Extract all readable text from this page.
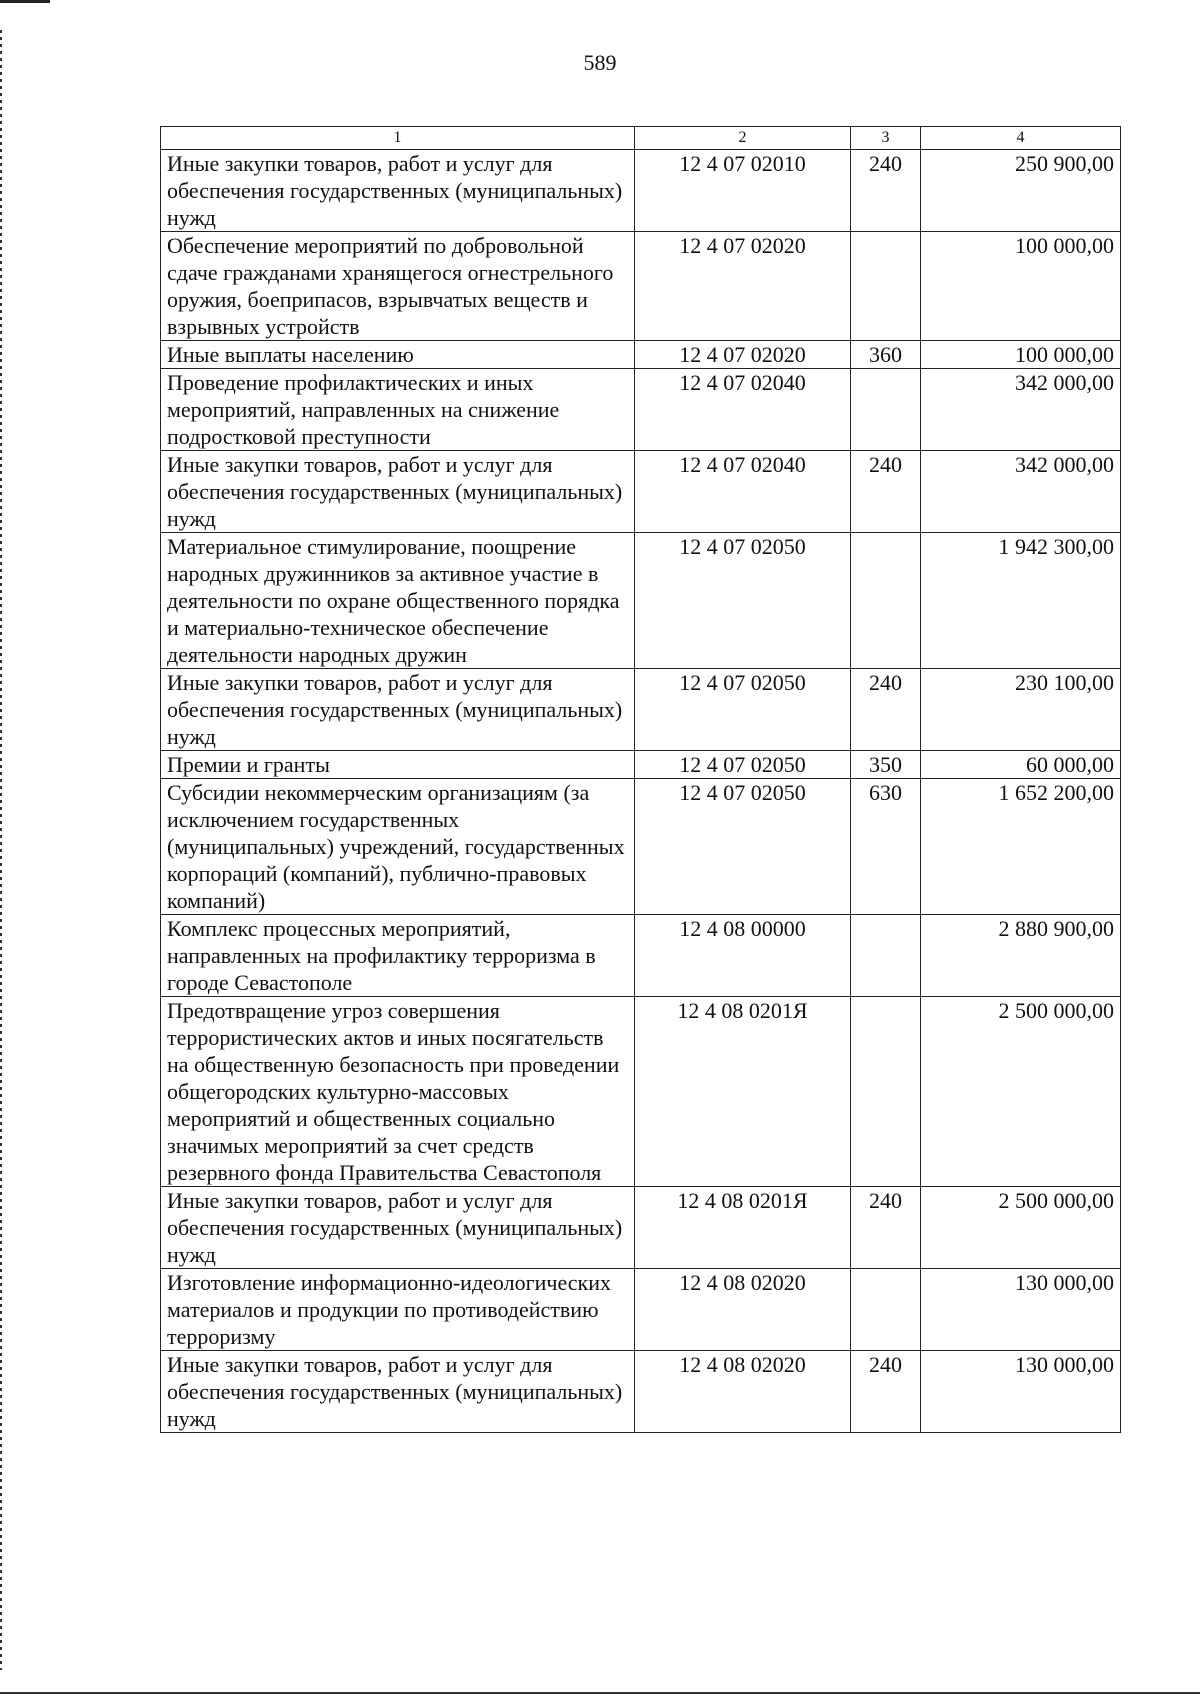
589
1	2	3	4
Иные закупки товаров, работ и услуг для обеспечения государственных (муниципальных) нужд	12 4 07 02010	240	250 900,00
Обеспечение мероприятий по добровольной сдаче гражданами хранящегося огнестрельного оружия, боеприпасов, взрывчатых веществ и взрывных устройств	12 4 07 02020		100 000,00
Иные выплаты населению	12 4 07 02020	360	100 000,00
Проведение профилактических и иных мероприятий, направленных на снижение подростковой преступности	12 4 07 02040		342 000,00
Иные закупки товаров, работ и услуг для обеспечения государственных (муниципальных) нужд	12 4 07 02040	240	342 000,00
Материальное стимулирование, поощрение народных дружинников за активное участие в деятельности по охране общественного порядка и материально-техническое обеспечение деятельности народных дружин	12 4 07 02050		1 942 300,00
Иные закупки товаров, работ и услуг для обеспечения государственных (муниципальных) нужд	12 4 07 02050	240	230 100,00
Премии и гранты	12 4 07 02050	350	60 000,00
Субсидии некоммерческим организациям (за исключением государственных (муниципальных) учреждений, государственных корпораций (компаний), публично-правовых компаний)	12 4 07 02050	630	1 652 200,00
Комплекс процессных мероприятий, направленных на профилактику терроризма в городе Севастополе	12 4 08 00000		2 880 900,00
Предотвращение угроз совершения террористических актов и иных посягательств на общественную безопасность при проведении общегородских культурно-массовых мероприятий и общественных социально значимых мероприятий за счет средств резервного фонда Правительства Севастополя	12 4 08 0201Я		2 500 000,00
Иные закупки товаров, работ и услуг для обеспечения государственных (муниципальных) нужд	12 4 08 0201Я	240	2 500 000,00
Изготовление информационно-идеологических материалов и продукции по противодействию терроризму	12 4 08 02020		130 000,00
Иные закупки товаров, работ и услуг для обеспечения государственных (муниципальных) нужд	12 4 08 02020	240	130 000,00
